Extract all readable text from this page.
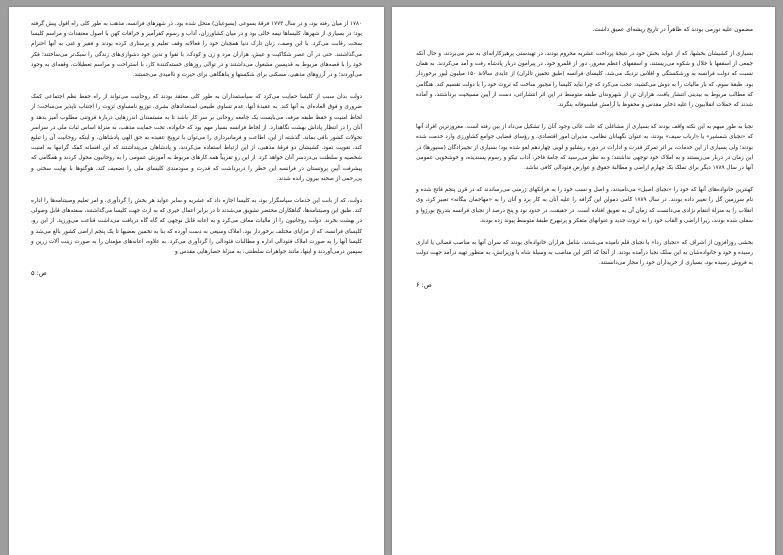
۱۷۸۰ از میان رفته بود، و در سال ۱۷۷۳ فرقهٔ یسوعی (یسوعیان) منحل شده بود. در شهرهای فرانسه، مذهب به طور کلی راه افول پیش گرفته بود؛ در بسیاری از شهرها، کلیساها نیمه خالی بود و در میان کشاورزان، آداب و رسوم کفرآمیز و خرافات کهن با اصول معتقدات و مراسم کلیسا سخت رقابت می‌کرد. با این وصف، زنان تارک دنیا همچنان خود را فعالانه وقف تعلیم و پرستاری کرده بودند و فقیر و غنی به آنها احترام می‌گذاشتند. حتی در آن عصر شکاکیت و عیش، هزاران مرد و زن و کودک، با تقوا و تدین خود دشواری‌های زندگی را سبک‌تر می‌ساختند؛ فکر خود را با قصه‌های مربوط به قدیسین مشغول می‌داشتند و در توالی روزهای خسته‌کنندهٔ کار، با استراحت و مراسم تعطیلات، وقفه‌ای به وجود می‌آوردند؛ و در آرزوهای مذهبی، مسکنی برای شکستها و پناهگاهی برای حیرت و ناامیدی می‌جستند.

دولت بدان سبب از کلیسا حمایت می‌کرد که سیاستمداران به طور کلی معتقد بودند که روحانیت می‌تواند از راه حفظ نظم اجتماعی کمک ضروری و فوق العاده‌ای به آنها کند. به عقیدهٔ آنها، عدم تساوی طبیعی استعدادهای بشری، توزیع نامساوی ثروت را اجتناب ناپذیر می‌ساخت؛ از لحاظ امنیت و حفظ طبقه مرفه، می‌بایست یک جامعه روحانی بر سر کار باشد تا به مستمندان اندرزهایی دربارهٔ فروتنی مطلوب آمیز بدهد و آنان را در انتظار پاداش بهشت نگاهدارد. از لحاظ فرانسه بسیار مهم بود که خانواده، تحت حمایت مذهب، به منزلهٔ اساس ثبات ملی در سراسر تحولات کشور باقی بماند. گذشته از این، اطاعت و فرمانبرداری را می‌توان با ترویج عقیده به حق الهی پادشاهان، و اینکه روحانیت آن را تبلیغ کند، تقویت نمود. کشیشان دو فرقهٔ مذهبی، از این ارتباط استفاده می‌کردند، و پادشاهان می‌پنداشتند که این افسانه کمک گرانبها به امنیت شخصیه و سلطنت بی‌دردسر آنان خواهد کرد. از این رو تقریباً همه کارهای مربوط به آموزش عمومی را به روحانیون محول کردند و همگامی که پیشرفت آیین پروتستان در فرانسه این خطر را دربرداشت که قدرت و سودمندی کلیسای ملی را تضعیف کند، هوگنوها با نهایت سختی و بی‌رحمی از صحنه بیرون رانده شدند.

دولت، که از بابت این خدمات سپاسگزار بود، به کلیسا اجازه داد که عشریه و سایر عواید هر بخش را گردآوری، و امر تعلیم وصیتنامه‌ها را اداره کند. طبق این وصیتنامه‌ها، گناهکاران محتضر تشویق می‌شدند تا در برابر اعمال خیری که به ارث جهت کلیسا می‌گذاشتند، سفته‌های قابل وصولی در بهشت بخرند. دولت روحانیون را از مالیات معاف می‌کرد و به اعانه قابل توجهی که گاه گاه دریافت می‌داشت قناعت می‌ورزید. از این رو، کلیسای فرانسه، که از مزایای مختلف برخوردار بود، املاک وسیعی به دست آورده که بنا به تخمین بعضیها تا یک پنجم اراضی کشور بالغ می‌شد و کلیسا آنها را به صورت املاک فئودالی اداره و مطالبات فئودالی را گردآوری می‌کرد. به علاوه، اعانه‌های مؤمنان را به صورت زینت آلات زرین و سیمین درمی‌آوردند و اینها، مانند جواهرات سلطنتی، به منزلهٔ حصارهایی مقدس و

ص: ۵
مضمون علیه تورمی بودند که ظاهراً در تاریخ ریشه‌ای عمیق داشت.

بسیاری از کشیشان بخشها، که از عواید بخش خود در نتیجهٔ پرداخت عشریه محروم بودند، در تهیدستی پرهیزکارانه‌ای به سر می‌بردند، و حال آنکه جمعی از اسقفها با جلال و شکوه می‌زیستند، و اسقفهای اعظم مغرور، دور از قلمرو خود، در پیرامون دربار پادشاه رفت و آمد می‌کردند. به همان نسبت که دولت فرانسه به ورشکستگی و افلاس نزدیک می‌شد، کلیسای فرانسه (طبق تخمین تالران) از عایدی سالانهٔ ۱۵۰ میلیون لیور برخوردار بود. طبقهٔ سوم، که بار مالیات را به دوش می‌کشید، عجب می‌کرد که چرا نباید کلیسا را مجبور ساخت که ثروت خود را با دولت تقسیم کند. هنگامی که مطالب مربوط به بیدینی انتشار یافت، هزاران تن از شهروندان طبقه متوسط در این اثر انتشاراتی، دست از آیین مسیحیت برداشتند، و آماده شدند که حملات انقلابیون را علیه ذخایر مقدس و محفوظ با آرامش فیلسوفانه بنگرند.

نجبا به طور مبهم به این نکته واقف بودند که بسیاری از مشاغلی که علت غائی وجود آنان را تشکیل می‌داد از بین رفته است. مغروزترین افراد آنها که «نجبای شمشیر» یا «ارباب سیف» بودند، به عنوان نگهبانان نظامی، مدیران امور اقتصادی، و رؤسای قضایی جوامع کشاورزی وارد خدمت شده بودند؛ ولی بسیاری از این خدمات، بر اثر تمرکز قدرت و ادارات در دوره ریشلیو و لویی چهاردهم لغو شده بود؛ بسیاری از نجیبزادگان (سنیورها) در این زمان در دربار می‌زیستند و به املاک خود توجهی نداشتند؛ و به نظر می‌رسید که جامهٔ فاخر، آداب نیکو و رسوم پسندیده، و خوشخویی عمومی آنها در سال ۱۷۸۹ دیگر برای تملک یک چهارم اراضی و مطالبهٔ حقوق و عوارض فئودالی کافی نباشد.

کهنترین خانواده‌های آنها که خود را «نجبای اصیل» می‌نامیدند، و اصل و نسب خود را به فرانکهای ژرمنی می‌رساندند که در قرن پنجم فاتح شده و نام سرزمین گل را تغییر داده بودند. در سال ۱۷۸۹ کامی دمولن این گزافه را علیه آنان به کار برد و آنان را به «مهاجمان بیگانه» تعبیر کرد، وی انقلاب را به منزلهٔ انتقام نژادی می‌دانست که زمان آن به تعویق افتاده است. در حقیقت، در حدود نود و پنج درصد از نجبای فرانسه بتدریج بورژوا و سفلی شده بودند، زیرا اراضی و القاب خود را به ثروت جدید و عنوانهای متفکر و پرتبهرح طبقهٔ متوسط پیوند زده بودند.

بخشی روزافزون از اشراف که «نجبای ردا» یا نجبای قلم نامیده می‌شدند، شامل هزاران خانواده‌ای بودند که سران آنها به مناصب قضائی یا اداری رسیده و خود و خانواده‌شان به این سلک نجبا درآمده بودند. از آنجا که اکثر این مناصب به وسیلهٔ شاه یا وزیرانش، به منظور تهیه درآمد جهت دولت به فروش رسیده بود، بسیاری از خریداران خود را مجاز می‌دانستند.

ص: ۶
